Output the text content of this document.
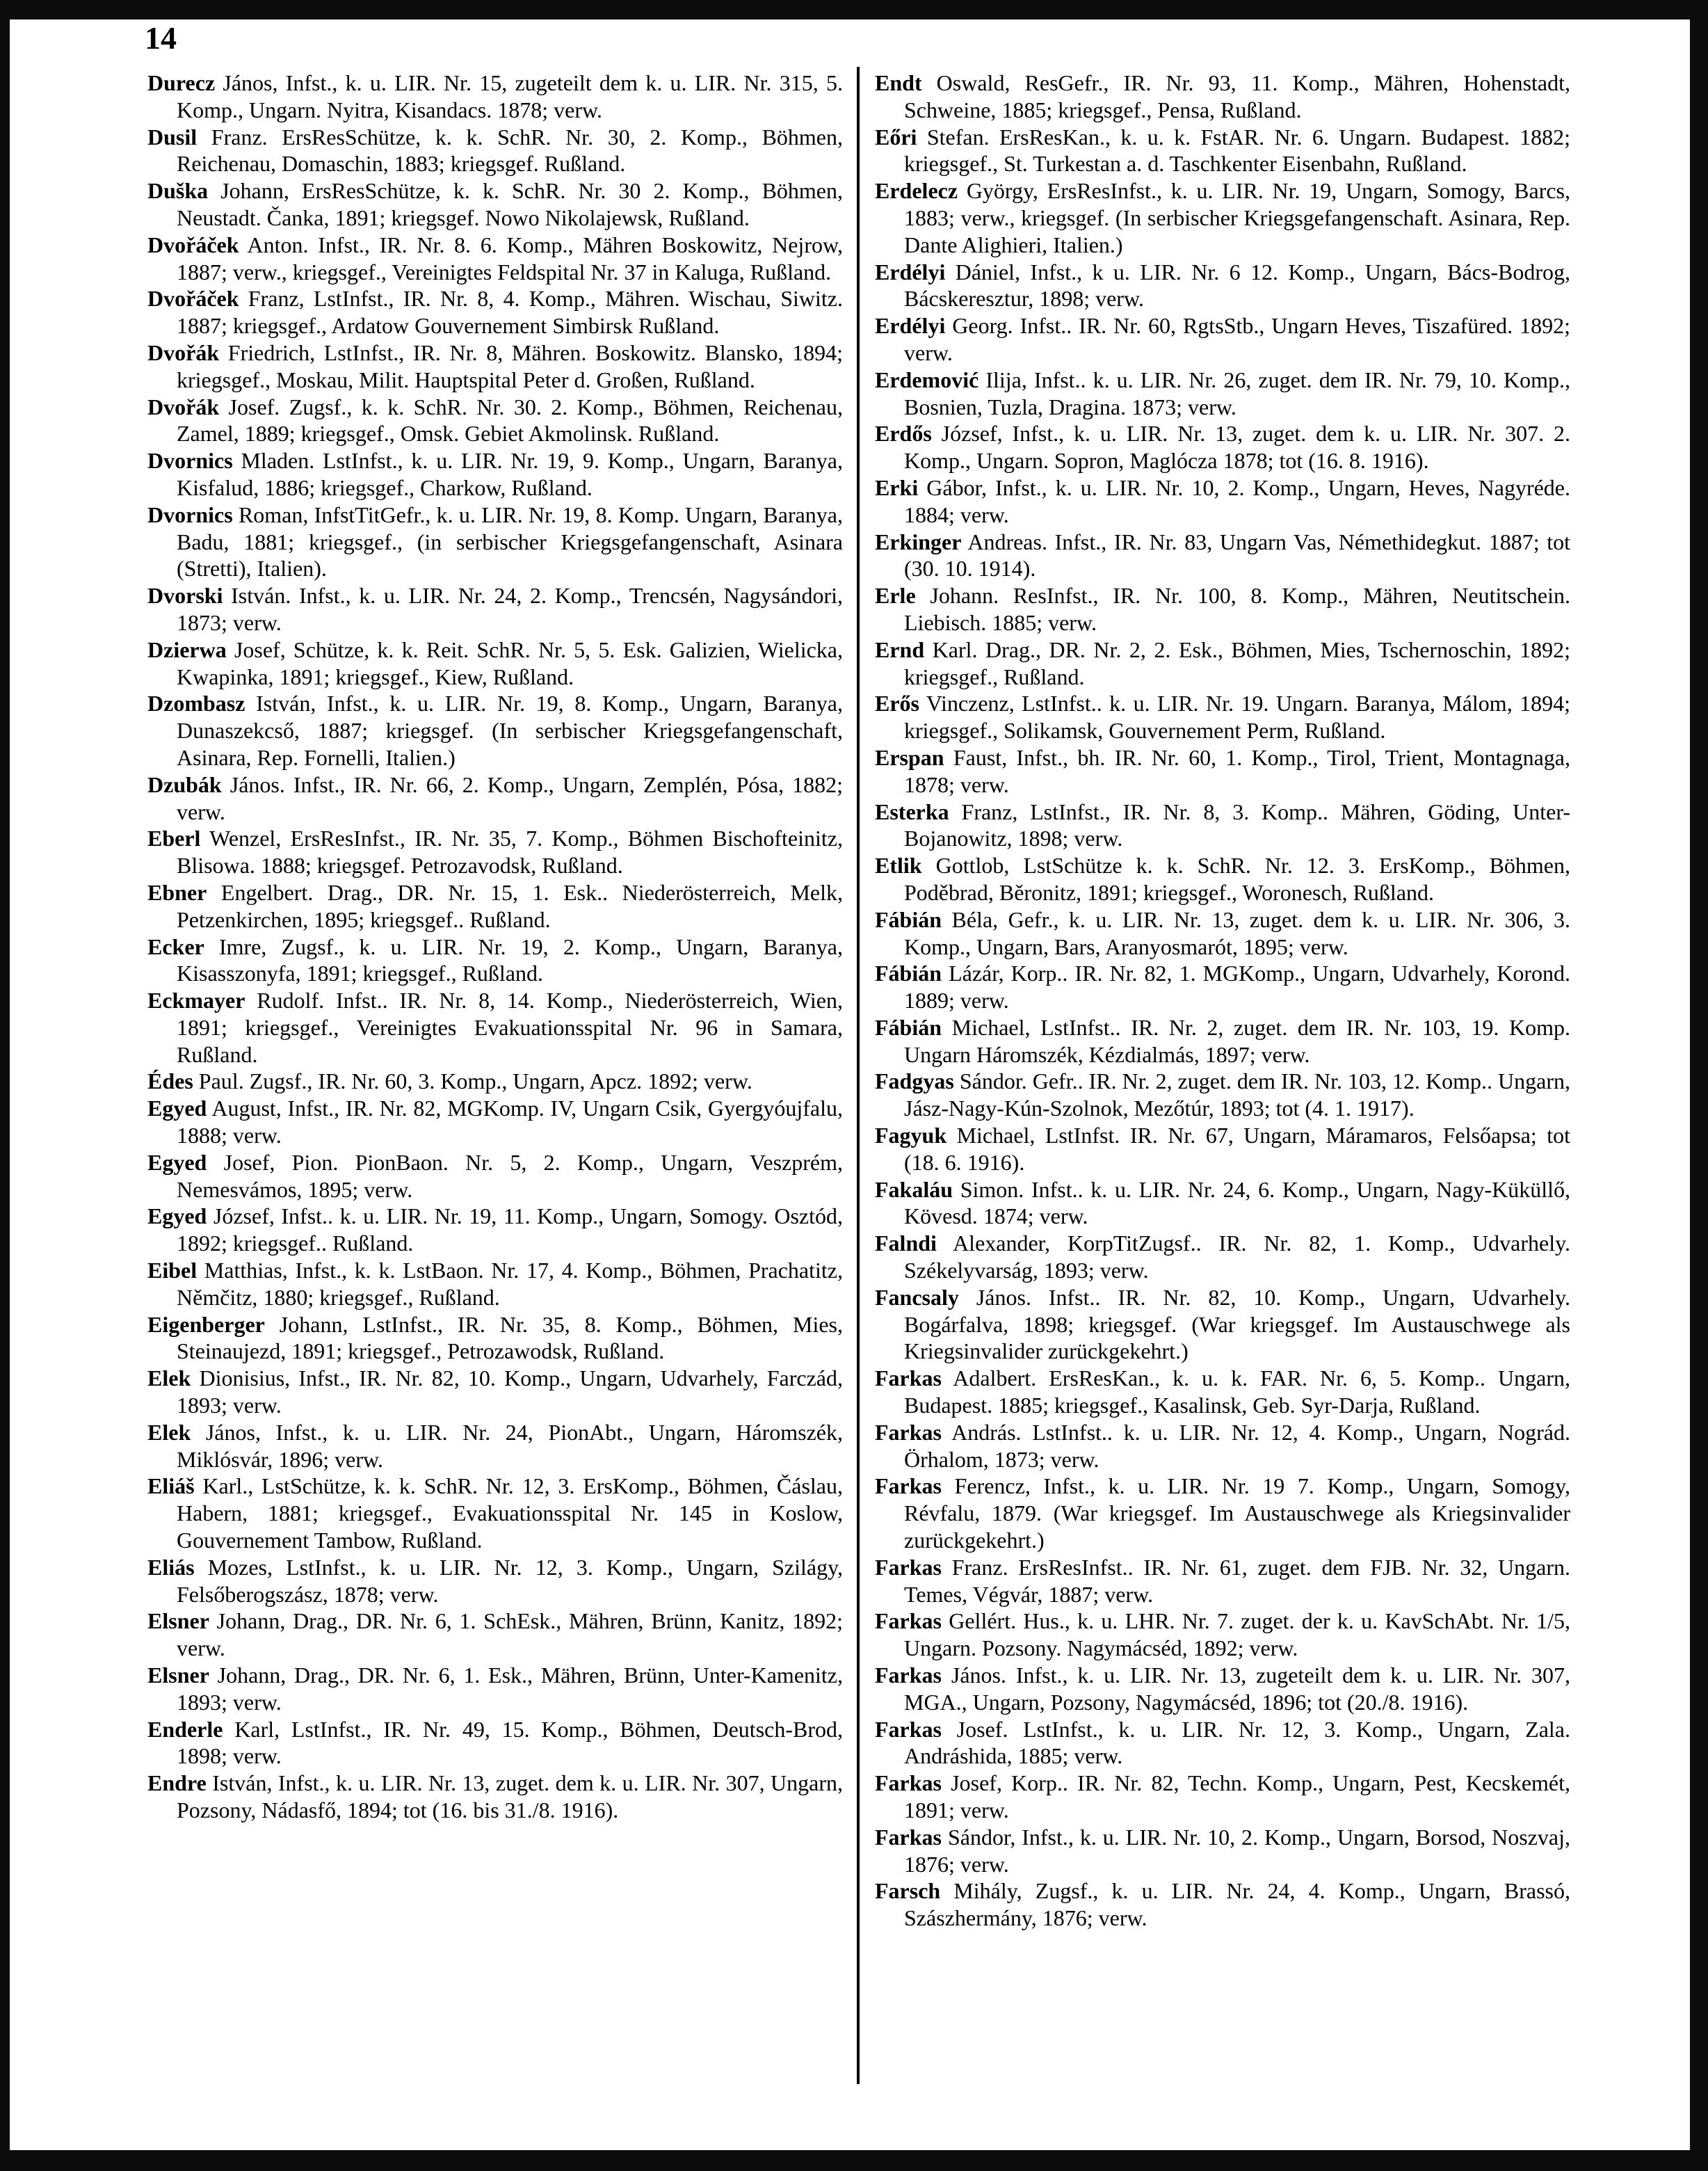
14
Durecz János, Infst., k. u. LIR. Nr. 15, zugeteilt dem k. u. LIR. Nr. 315, 5. Komp., Ungarn. Nyitra, Kisandacs. 1878; verw.
Dusil Franz. ErsResSchütze, k. k. SchR. Nr. 30, 2. Komp., Böhmen, Reichenau, Domaschin, 1883; kriegsgef. Rußland.
Duška Johann, ErsResSchütze, k. k. SchR. Nr. 30 2. Komp., Böhmen, Neustadt. Čanka, 1891; kriegsgef. Nowo Nikolajewsk, Rußland.
Dvořáček Anton. Infst., IR. Nr. 8. 6. Komp., Mähren Boskowitz, Nejrow, 1887; verw., kriegsgef., Vereinigtes Feldspital Nr. 37 in Kaluga, Rußland.
Dvořáček Franz, LstInfst., IR. Nr. 8, 4. Komp., Mähren. Wischau, Siwitz. 1887; kriegsgef., Ardatow Gouvernement Simbirsk Rußland.
Dvořák Friedrich, LstInfst., IR. Nr. 8, Mähren. Boskowitz. Blansko, 1894; kriegsgef., Moskau, Milit. Hauptspital Peter d. Großen, Rußland.
Dvořák Josef. Zugsf., k. k. SchR. Nr. 30. 2. Komp., Böhmen, Reichenau, Zamel, 1889; kriegsgef., Omsk. Gebiet Akmolinsk. Rußland.
Dvornics Mladen. LstInfst., k. u. LIR. Nr. 19, 9. Komp., Ungarn, Baranya, Kisfalud, 1886; kriegsgef., Charkow, Rußland.
Dvornics Roman, InfstTitGefr., k. u. LIR. Nr. 19, 8. Komp. Ungarn, Baranya, Badu, 1881; kriegsgef., (in serbischer Kriegsgefangenschaft, Asinara (Stretti), Italien).
Dvorski István. Infst., k. u. LIR. Nr. 24, 2. Komp., Trencsén, Nagysándori, 1873; verw.
Dzierwa Josef, Schütze, k. k. Reit. SchR. Nr. 5, 5. Esk. Galizien, Wielicka, Kwapinka, 1891; kriegsgef., Kiew, Rußland.
Dzombasz István, Infst., k. u. LIR. Nr. 19, 8. Komp., Ungarn, Baranya, Dunaszekcső, 1887; kriegsgef. (In serbischer Kriegsgefangenschaft, Asinara, Rep. Fornelli, Italien.)
Dzubák János. Infst., IR. Nr. 66, 2. Komp., Ungarn, Zemplén, Pósa, 1882; verw.
Eberl Wenzel, ErsResInfst., IR. Nr. 35, 7. Komp., Böhmen Bischofteinitz, Blisowa. 1888; kriegsgef. Petrozavodsk, Rußland.
Ebner Engelbert. Drag., DR. Nr. 15, 1. Esk.. Niederösterreich, Melk, Petzenkirchen, 1895; kriegsgef.. Rußland.
Ecker Imre, Zugsf., k. u. LIR. Nr. 19, 2. Komp., Ungarn, Baranya, Kisasszonyfa, 1891; kriegsgef., Rußland.
Eckmayer Rudolf. Infst.. IR. Nr. 8, 14. Komp., Niederösterreich, Wien, 1891; kriegsgef., Vereinigtes Evakuationsspital Nr. 96 in Samara, Rußland.
Édes Paul. Zugsf., IR. Nr. 60, 3. Komp., Ungarn, Apcz. 1892; verw.
Egyed August, Infst., IR. Nr. 82, MGKomp. IV, Ungarn Csik, Gyergyóujfalu, 1888; verw.
Egyed Josef, Pion. PionBaon. Nr. 5, 2. Komp., Ungarn, Veszprém, Nemesvámos, 1895; verw.
Egyed József, Infst.. k. u. LIR. Nr. 19, 11. Komp., Ungarn, Somogy. Osztód, 1892; kriegsgef.. Rußland.
Eibel Matthias, Infst., k. k. LstBaon. Nr. 17, 4. Komp., Böhmen, Prachatitz, Němčitz, 1880; kriegsgef., Rußland.
Eigenberger Johann, LstInfst., IR. Nr. 35, 8. Komp., Böhmen, Mies, Steinaujezd, 1891; kriegsgef., Petrozawodsk, Rußland.
Elek Dionisius, Infst., IR. Nr. 82, 10. Komp., Ungarn, Udvarhely, Farczád, 1893; verw.
Elek János, Infst., k. u. LIR. Nr. 24, PionAbt., Ungarn, Háromszék, Miklósvár, 1896; verw.
Eliáš Karl., LstSchütze, k. k. SchR. Nr. 12, 3. ErsKomp., Böhmen, Čáslau, Habern, 1881; kriegsgef., Evakuationsspital Nr. 145 in Koslow, Gouvernement Tambow, Rußland.
Eliás Mozes, LstInfst., k. u. LIR. Nr. 12, 3. Komp., Ungarn, Szilágy, Felsőberogszász, 1878; verw.
Elsner Johann, Drag., DR. Nr. 6, 1. SchEsk., Mähren, Brünn, Kanitz, 1892; verw.
Elsner Johann, Drag., DR. Nr. 6, 1. Esk., Mähren, Brünn, Unter-Kamenitz, 1893; verw.
Enderle Karl, LstInfst., IR. Nr. 49, 15. Komp., Böhmen, Deutsch-Brod, 1898; verw.
Endre István, Infst., k. u. LIR. Nr. 13, zuget. dem k. u. LIR. Nr. 307, Ungarn, Pozsony, Nádasfő, 1894; tot (16. bis 31./8. 1916).
Endt Oswald, ResGefr., IR. Nr. 93, 11. Komp., Mähren, Hohenstadt, Schweine, 1885; kriegsgef., Pensa, Rußland.
Eőri Stefan. ErsResKan., k. u. k. FstAR. Nr. 6. Ungarn. Budapest. 1882; kriegsgef., St. Turkestan a. d. Taschkenter Eisenbahn, Rußland.
Erdelecz György, ErsResInfst., k. u. LIR. Nr. 19, Ungarn, Somogy, Barcs, 1883; verw., kriegsgef. (In serbischer Kriegsgefangenschaft. Asinara, Rep. Dante Alighieri, Italien.)
Erdélyi Dániel, Infst., k u. LIR. Nr. 6 12. Komp., Ungarn, Bács-Bodrog, Bácskeresztur, 1898; verw.
Erdélyi Georg. Infst.. IR. Nr. 60, RgtsStb., Ungarn Heves, Tiszafüred. 1892; verw.
Erdemović Ilija, Infst.. k. u. LIR. Nr. 26, zuget. dem IR. Nr. 79, 10. Komp., Bosnien, Tuzla, Dragina. 1873; verw.
Erdős József, Infst., k. u. LIR. Nr. 13, zuget. dem k. u. LIR. Nr. 307. 2. Komp., Ungarn. Sopron, Maglócza 1878; tot (16. 8. 1916).
Erki Gábor, Infst., k. u. LIR. Nr. 10, 2. Komp., Ungarn, Heves, Nagyréde. 1884; verw.
Erkinger Andreas. Infst., IR. Nr. 83, Ungarn Vas, Némethidegkut. 1887; tot (30. 10. 1914).
Erle Johann. ResInfst., IR. Nr. 100, 8. Komp., Mähren, Neutitschein. Liebisch. 1885; verw.
Ernd Karl. Drag., DR. Nr. 2, 2. Esk., Böhmen, Mies, Tschernoschin, 1892; kriegsgef., Rußland.
Erős Vinczenz, LstInfst.. k. u. LIR. Nr. 19. Ungarn. Baranya, Málom, 1894; kriegsgef., Solikamsk, Gouvernement Perm, Rußland.
Erspan Faust, Infst., bh. IR. Nr. 60, 1. Komp., Tirol, Trient, Montagnaga, 1878; verw.
Esterka Franz, LstInfst., IR. Nr. 8, 3. Komp.. Mähren, Göding, Unter-Bojanowitz, 1898; verw.
Etlik Gottlob, LstSchütze k. k. SchR. Nr. 12. 3. ErsKomp., Böhmen, Poděbrad, Běronitz, 1891; kriegsgef., Woronesch, Rußland.
Fábián Béla, Gefr., k. u. LIR. Nr. 13, zuget. dem k. u. LIR. Nr. 306, 3. Komp., Ungarn, Bars, Aranyosmarót, 1895; verw.
Fábián Lázár, Korp.. IR. Nr. 82, 1. MGKomp., Ungarn, Udvarhely, Korond. 1889; verw.
Fábián Michael, LstInfst.. IR. Nr. 2, zuget. dem IR. Nr. 103, 19. Komp. Ungarn Háromszék, Kézdialmás, 1897; verw.
Fadgyas Sándor. Gefr.. IR. Nr. 2, zuget. dem IR. Nr. 103, 12. Komp.. Ungarn, Jász-Nagy-Kún-Szolnok, Mezőtúr, 1893; tot (4. 1. 1917).
Fagyuk Michael, LstInfst. IR. Nr. 67, Ungarn, Máramaros, Felsőapsa; tot (18. 6. 1916).
Fakaláu Simon. Infst.. k. u. LIR. Nr. 24, 6. Komp., Ungarn, Nagy-Küküllő, Kövesd. 1874; verw.
Falndi Alexander, KorpTitZugsf.. IR. Nr. 82, 1. Komp., Udvarhely. Székelyvarság, 1893; verw.
Fancsaly János. Infst.. IR. Nr. 82, 10. Komp., Ungarn, Udvarhely. Bogárfalva, 1898; kriegsgef. (War kriegsgef. Im Austauschwege als Kriegsinvalider zurückgekehrt.)
Farkas Adalbert. ErsResKan., k. u. k. FAR. Nr. 6, 5. Komp.. Ungarn, Budapest. 1885; kriegsgef., Kasalinsk, Geb. Syr-Darja, Rußland.
Farkas András. LstInfst.. k. u. LIR. Nr. 12, 4. Komp., Ungarn, Nográd. Örhalom, 1873; verw.
Farkas Ferencz, Infst., k. u. LIR. Nr. 19 7. Komp., Ungarn, Somogy, Révfalu, 1879. (War kriegsgef. Im Austauschwege als Kriegsinvalider zurückgekehrt.)
Farkas Franz. ErsResInfst.. IR. Nr. 61, zuget. dem FJB. Nr. 32, Ungarn. Temes, Végvár, 1887; verw.
Farkas Gellért. Hus., k. u. LHR. Nr. 7. zuget. der k. u. KavSchAbt. Nr. 1/5, Ungarn. Pozsony. Nagymácséd, 1892; verw.
Farkas János. Infst., k. u. LIR. Nr. 13, zugeteilt dem k. u. LIR. Nr. 307, MGA., Ungarn, Pozsony, Nagymácséd, 1896; tot (20./8. 1916).
Farkas Josef. LstInfst., k. u. LIR. Nr. 12, 3. Komp., Ungarn, Zala. Andráshida, 1885; verw.
Farkas Josef, Korp.. IR. Nr. 82, Techn. Komp., Ungarn, Pest, Kecskemét, 1891; verw.
Farkas Sándor, Infst., k. u. LIR. Nr. 10, 2. Komp., Ungarn, Borsod, Noszvaj, 1876; verw.
Farsch Mihály, Zugsf., k. u. LIR. Nr. 24, 4. Komp., Ungarn, Brassó, Szászhermány, 1876; verw.
